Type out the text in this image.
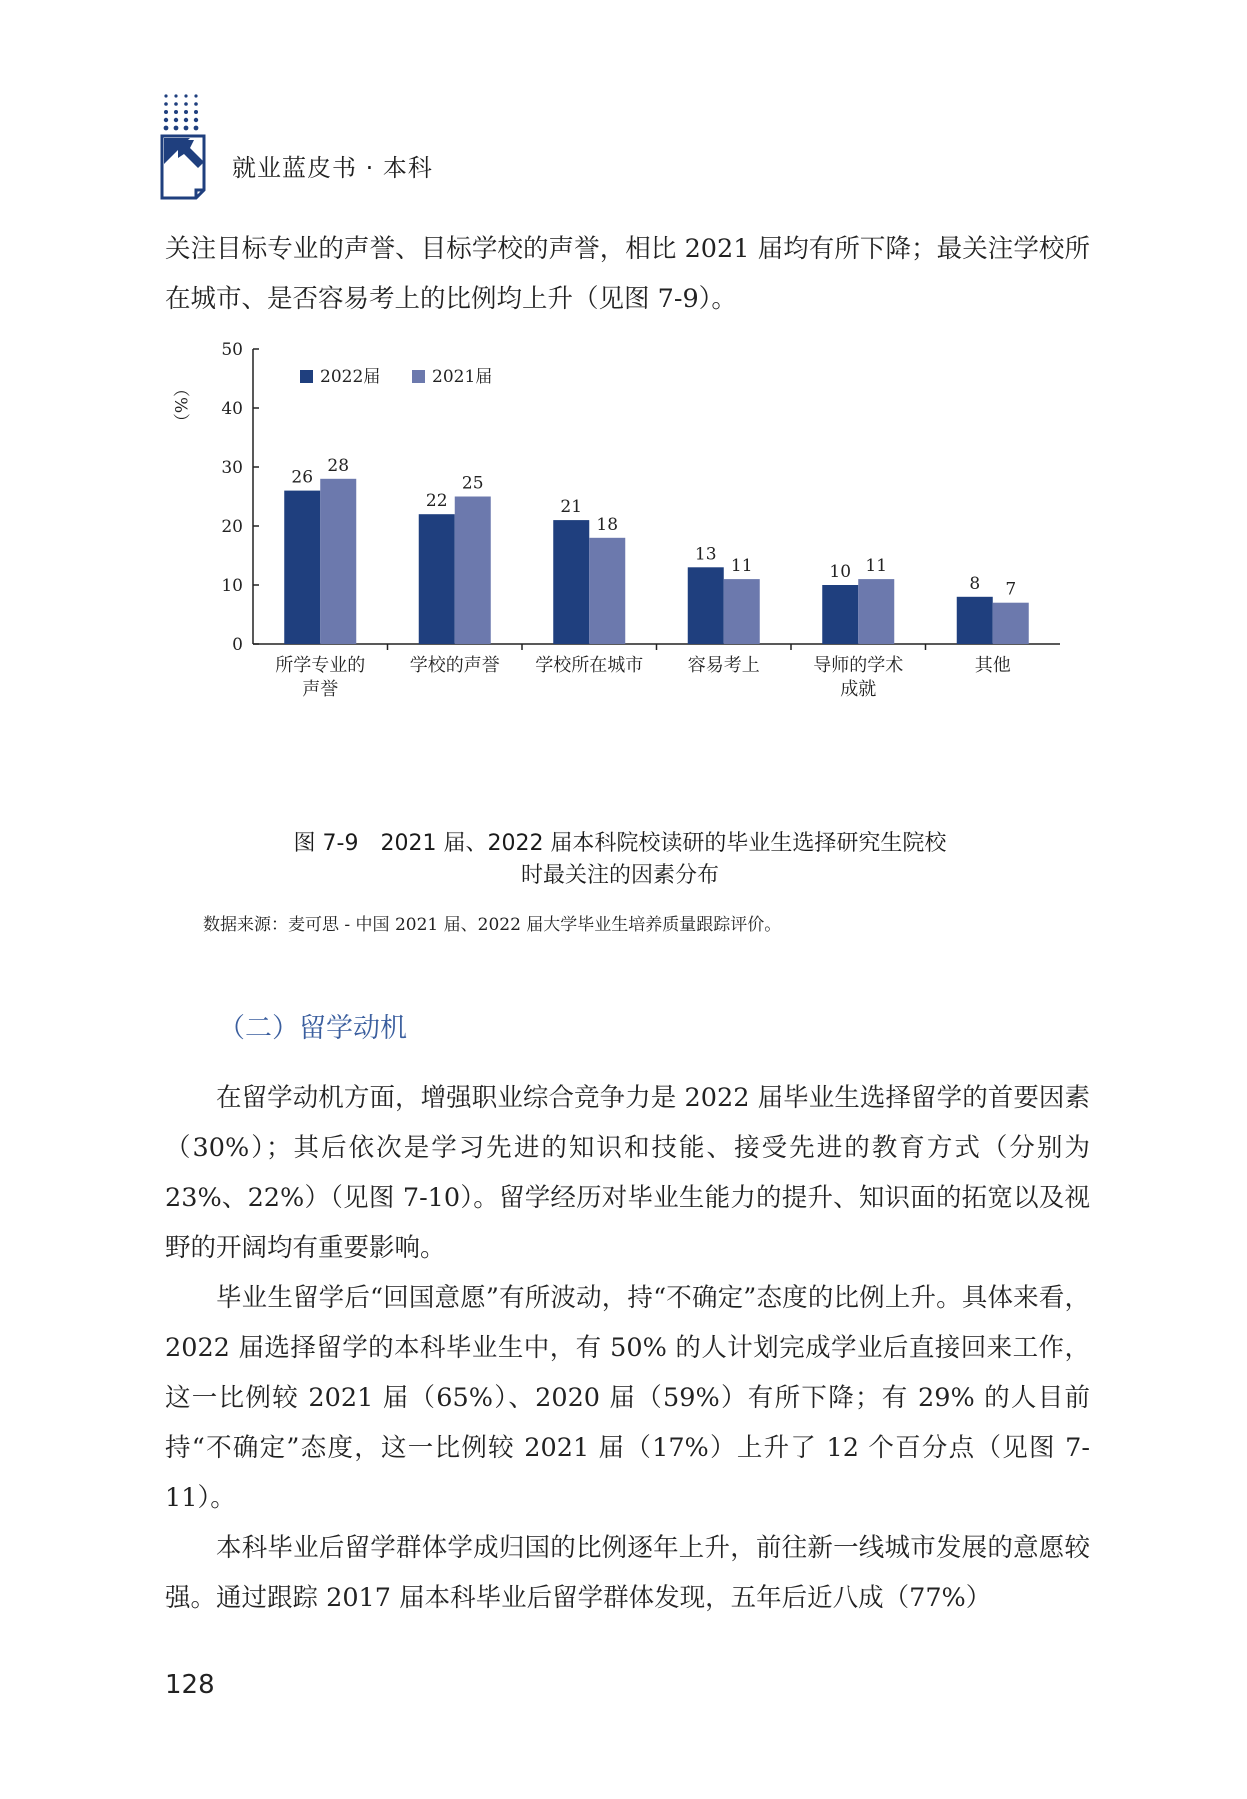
就业蓝皮书 · 本科

关注目标专业的声誉、目标学校的声誉，相比 2021 届均有所下降；最关注学校所在城市、是否容易考上的比例均上升（见图 7-9）。

2022届	2021届
（%）
0
10
20
30
40
50
26
28
22
25
21
18
13
11	10 11
8 7
所学专业的
声誉
学校的声誉 学校所在城市 容易考上	导师的学术
成就
其他
图 7-9　2021 届、2022 届本科院校读研的毕业生选择研究生院校
时最关注的因素分布
数据来源：麦可思 - 中国 2021 届、2022 届大学毕业生培养质量跟踪评价。
（二）留学动机

在留学动机方面，增强职业综合竞争力是 2022 届毕业生选择留学的首要因素（30%）；其后依次是学习先进的知识和技能、接受先进的教育方式（分别为 23%、22%）（见图 7-10）。留学经历对毕业生能力的提升、知识面的拓宽以及视野的开阔均有重要影响。

毕业生留学后“回国意愿”有所波动，持“不确定”态度的比例上升。具体来看，2022 届选择留学的本科毕业生中，有 50% 的人计划完成学业后直接回来工作，这一比例较 2021 届（65%）、2020 届（59%）有所下降；有 29% 的人目前持“不确定”态度，这一比例较 2021 届（17%）上升了 12 个百分点（见图 7-11）。

本科毕业后留学群体学成归国的比例逐年上升，前往新一线城市发展的意愿较强。通过跟踪 2017 届本科毕业后留学群体发现，五年后近八成（77%）

128
